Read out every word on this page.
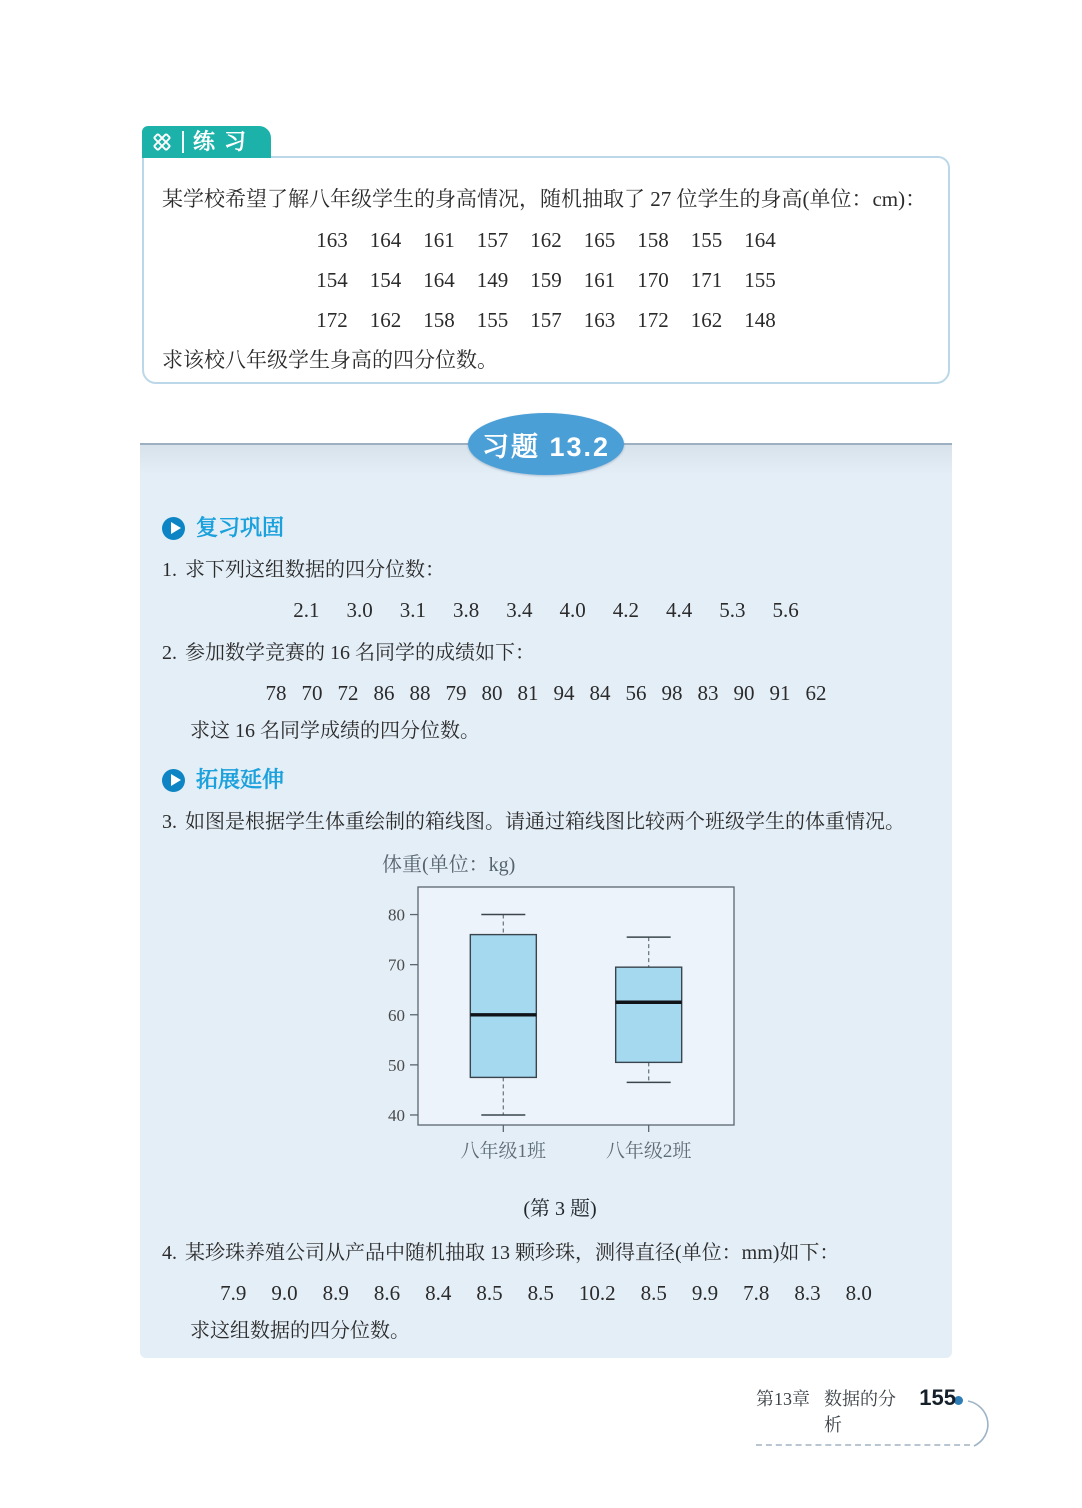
练习
某学校希望了解八年级学生的身高情况，随机抽取了 27 位学生的身高(单位：cm)：
163 164 161 157 162 165 158 155 164
154 154 164 149 159 161 170 171 155
172 162 158 155 157 163 172 162 148
求该校八年级学生身高的四分位数。
习题 13.2
复习巩固
1. 求下列这组数据的四分位数：
2.1 3.0 3.1 3.8 3.4 4.0 4.2 4.4 5.3 5.6
2. 参加数学竞赛的 16 名同学的成绩如下：
78 70 72 86 88 79 80 81 94 84 56 98 83 90 91 62
求这 16 名同学成绩的四分位数。
拓展延伸
3. 如图是根据学生体重绘制的箱线图。请通过箱线图比较两个班级学生的体重情况。
体重(单位：kg)
40
50
60
70
80
八年级1班	八年级2班
(第 3 题)
4. 某珍珠养殖公司从产品中随机抽取 13 颗珍珠，测得直径(单位：mm)如下：
7.9 9.0 8.9 8.6 8.4 8.5 8.5 10.2 8.5 9.9 7.8 8.3 8.0
求这组数据的四分位数。
第13章 数据的分析
155
